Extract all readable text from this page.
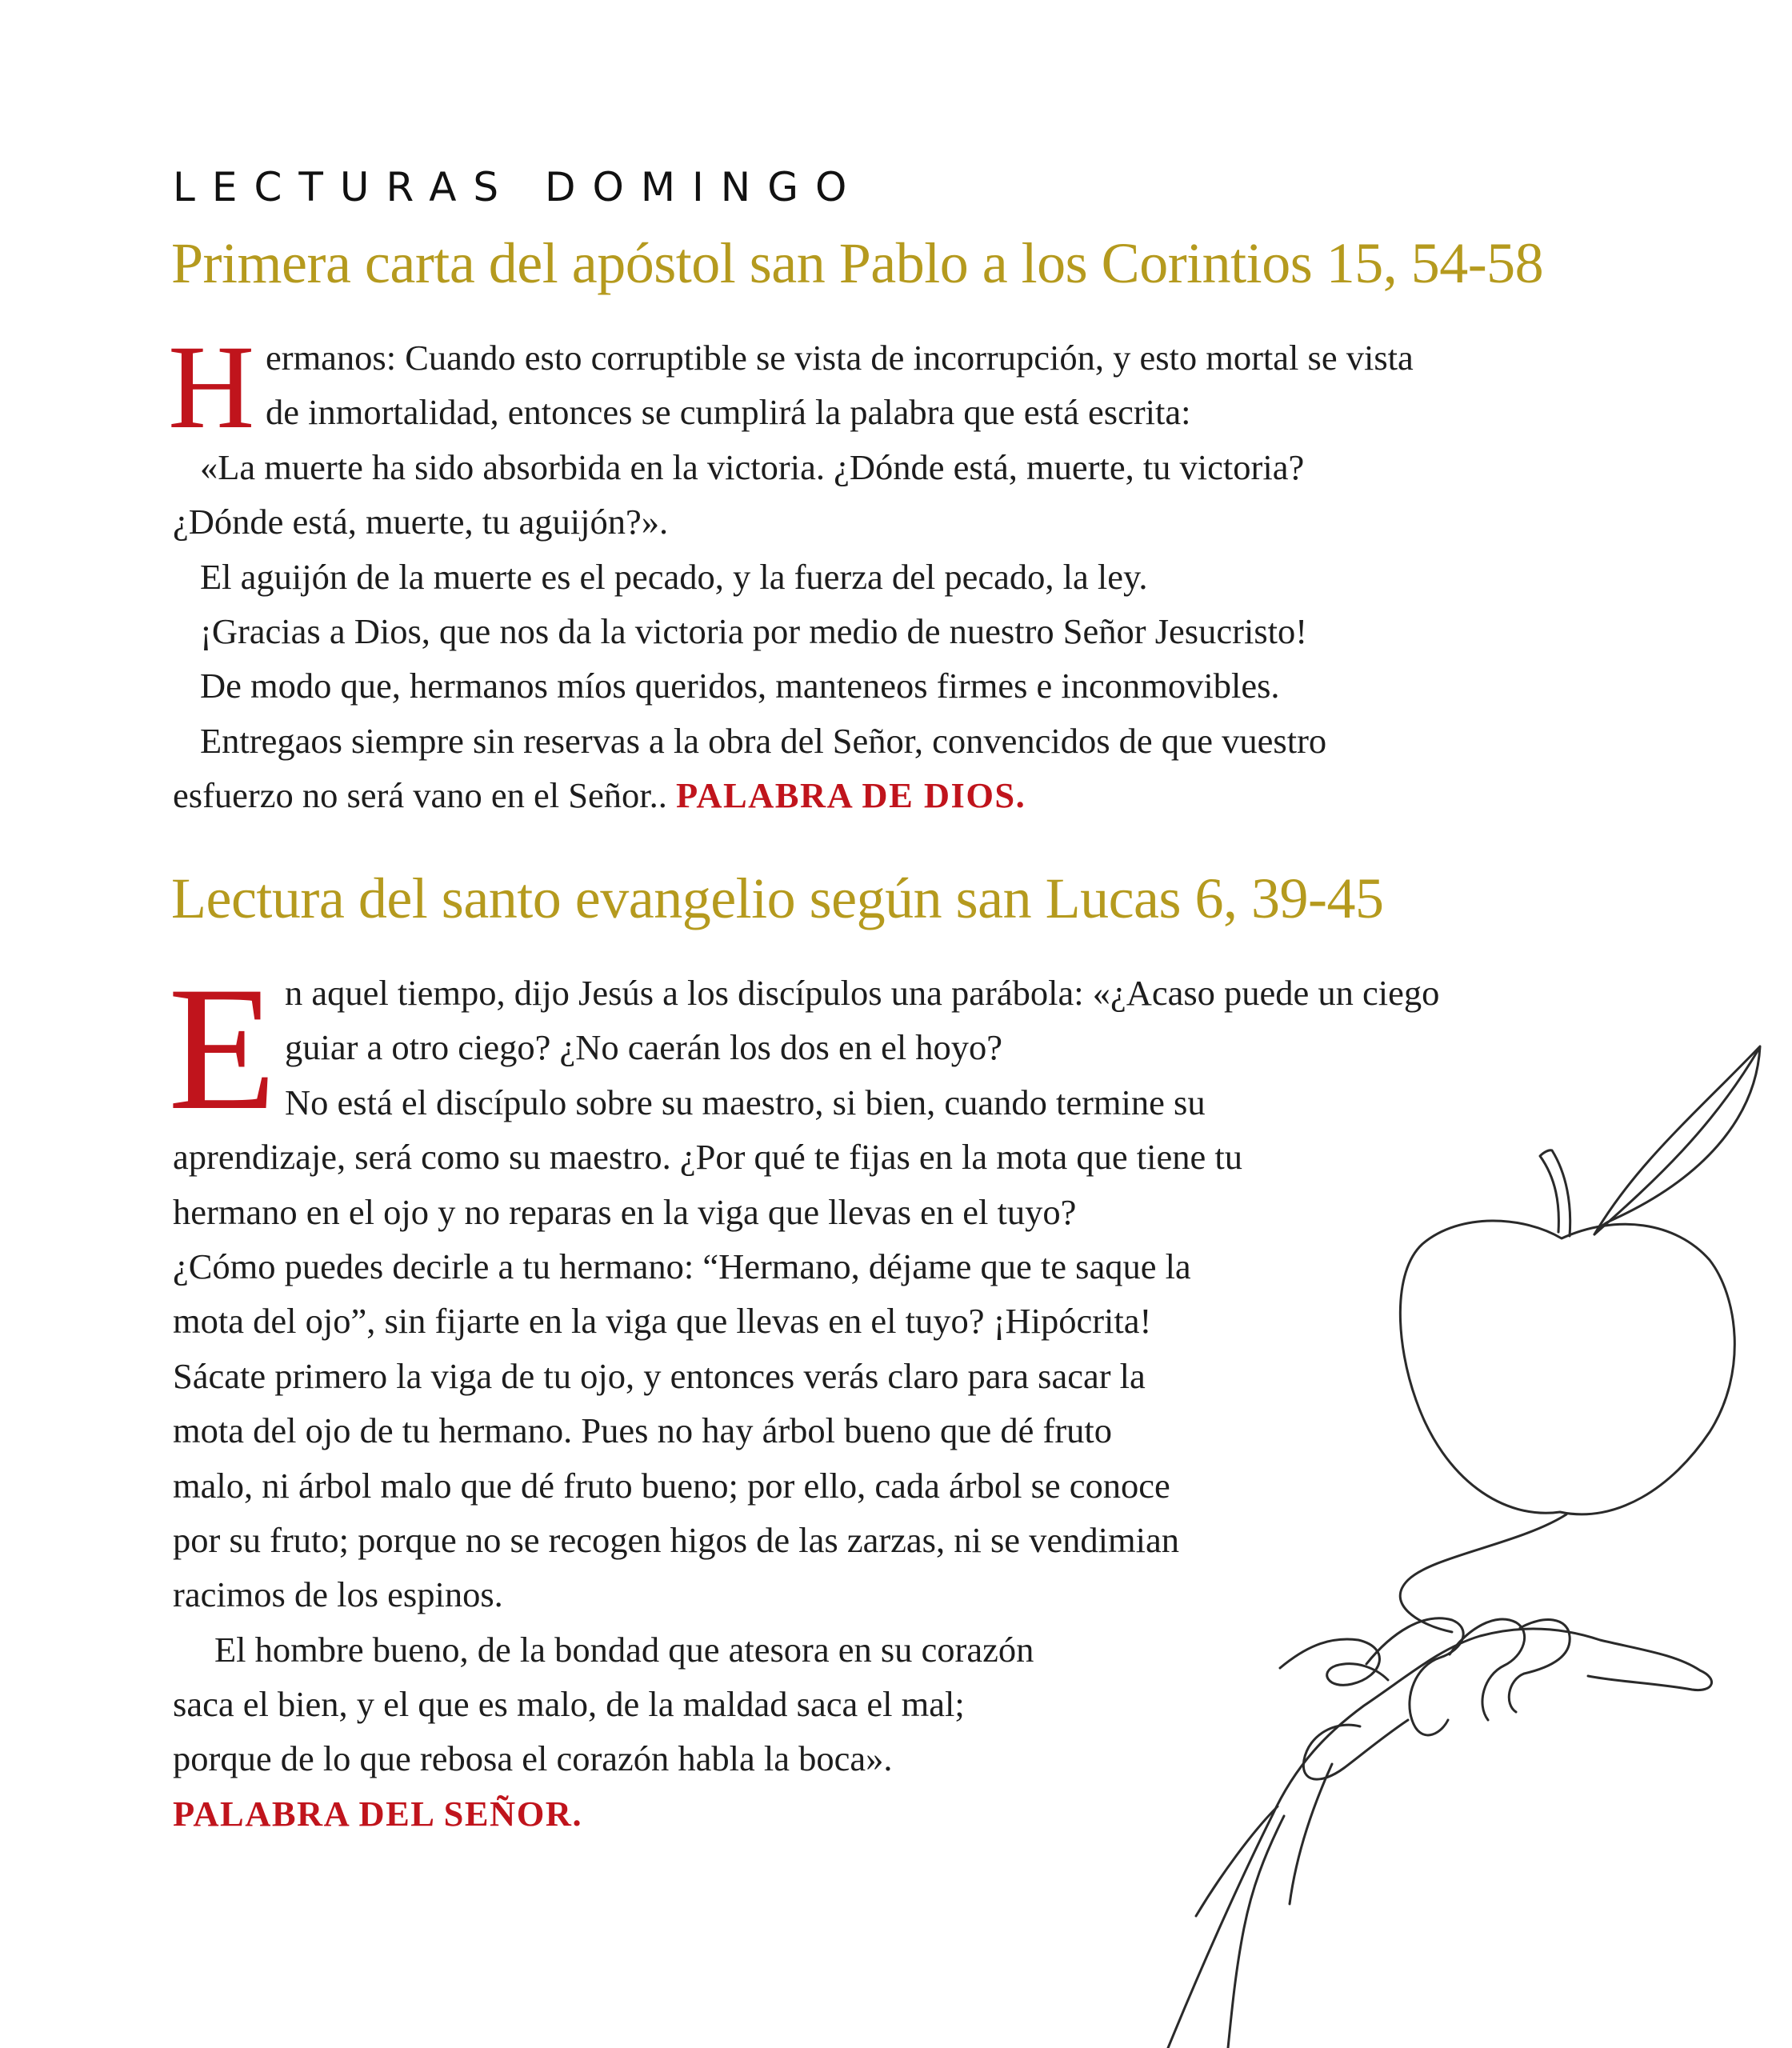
LECTURAS DOMINGO
Primera carta del apóstol san Pablo a los Corintios 15, 54-58
H ermanos: Cuando esto corruptible se vista de incorrupción, y esto mortal se vista
de inmortalidad, entonces se cumplirá la palabra que está escrita:
«La muerte ha sido absorbida en la victoria. ¿Dónde está, muerte, tu victoria?
¿Dónde está, muerte, tu aguijón?».
El aguijón de la muerte es el pecado, y la fuerza del pecado, la ley.
¡Gracias a Dios, que nos da la victoria por medio de nuestro Señor Jesucristo!
De modo que, hermanos míos queridos, manteneos firmes e inconmovibles.
Entregaos siempre sin reservas a la obra del Señor, convencidos de que vuestro
esfuerzo no será vano en el Señor.. PALABRA DE DIOS.
Lectura del santo evangelio según san Lucas 6, 39-45
E n aquel tiempo, dijo Jesús a los discípulos una parábola: «¿Acaso puede un ciego
guiar a otro ciego? ¿No caerán los dos en el hoyo?
No está el discípulo sobre su maestro, si bien, cuando termine su
aprendizaje, será como su maestro. ¿Por qué te fijas en la mota que tiene tu
hermano en el ojo y no reparas en la viga que llevas en el tuyo?
¿Cómo puedes decirle a tu hermano: “Hermano, déjame que te saque la
mota del ojo”, sin fijarte en la viga que llevas en el tuyo? ¡Hipócrita!
Sácate primero la viga de tu ojo, y entonces verás claro para sacar la
mota del ojo de tu hermano. Pues no hay árbol bueno que dé fruto
malo, ni árbol malo que dé fruto bueno; por ello, cada árbol se conoce
por su fruto; porque no se recogen higos de las zarzas, ni se vendimian
racimos de los espinos.
El hombre bueno, de la bondad que atesora en su corazón
saca el bien, y el que es malo, de la maldad saca el mal;
porque de lo que rebosa el corazón habla la boca».
PALABRA DEL SEÑOR.
